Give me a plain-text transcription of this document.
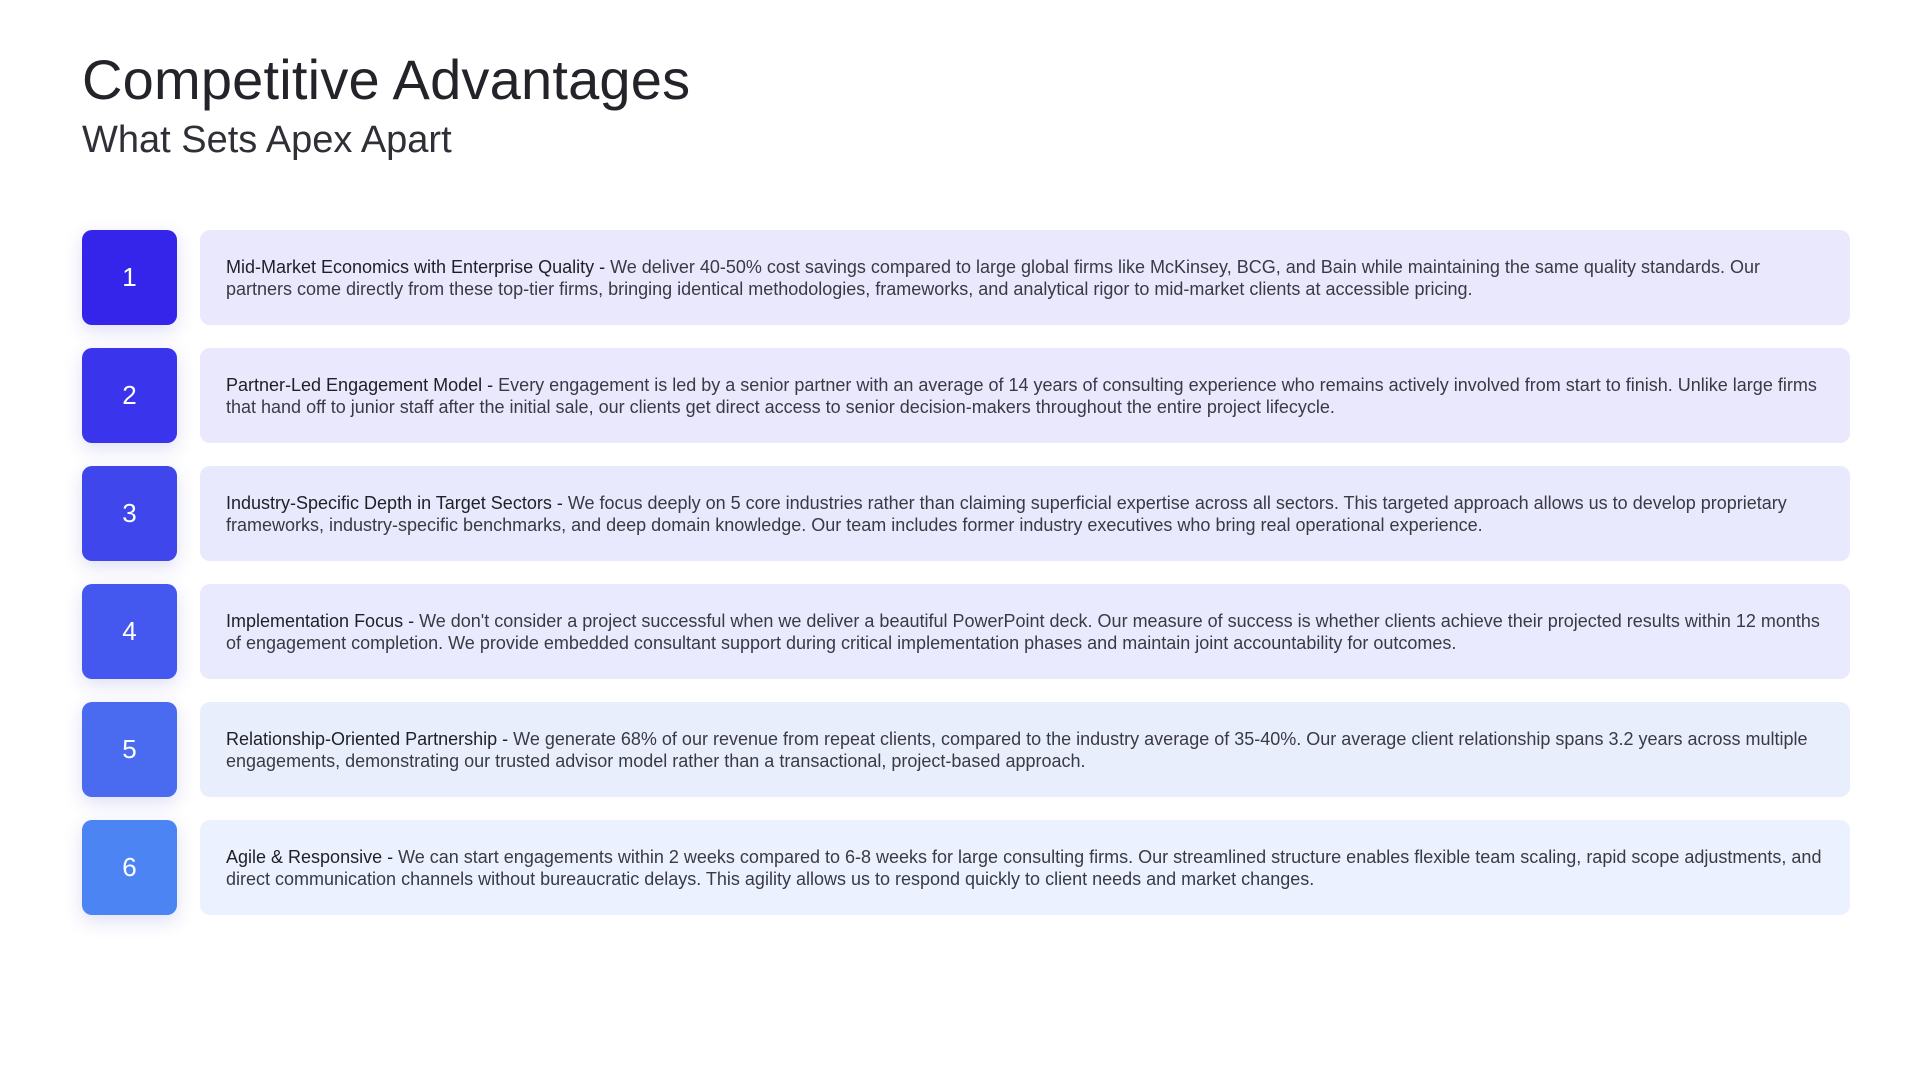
Competitive Advantages
What Sets Apex Apart
1	Mid-Market Economics with Enterprise Quality - We deliver 40-50% cost savings compared to large global firms like McKinsey, BCG, and Bain while maintaining the same quality standards. Our partners come directly from these top-tier firms, bringing identical methodologies, frameworks, and analytical rigor to mid-market clients at accessible pricing.

2	Partner-Led Engagement Model - Every engagement is led by a senior partner with an average of 14 years of consulting experience who remains actively involved from start to finish. Unlike large firms that hand off to junior staff after the initial sale, our clients get direct access to senior decision-makers throughout the entire project lifecycle.

3	Industry-Specific Depth in Target Sectors - We focus deeply on 5 core industries rather than claiming superficial expertise across all sectors. This targeted approach allows us to develop proprietary frameworks, industry-specific benchmarks, and deep domain knowledge. Our team includes former industry executives who bring real operational experience.

4	Implementation Focus - We don't consider a project successful when we deliver a beautiful PowerPoint deck. Our measure of success is whether clients achieve their projected results within 12 months of engagement completion. We provide embedded consultant support during critical implementation phases and maintain joint accountability for outcomes.

5	Relationship-Oriented Partnership - We generate 68% of our revenue from repeat clients, compared to the industry average of 35-40%. Our average client relationship spans 3.2 years across multiple engagements, demonstrating our trusted advisor model rather than a transactional, project-based approach.

6	Agile & Responsive - We can start engagements within 2 weeks compared to 6-8 weeks for large consulting firms. Our streamlined structure enables flexible team scaling, rapid scope adjustments, and direct communication channels without bureaucratic delays. This agility allows us to respond quickly to client needs and market changes.
